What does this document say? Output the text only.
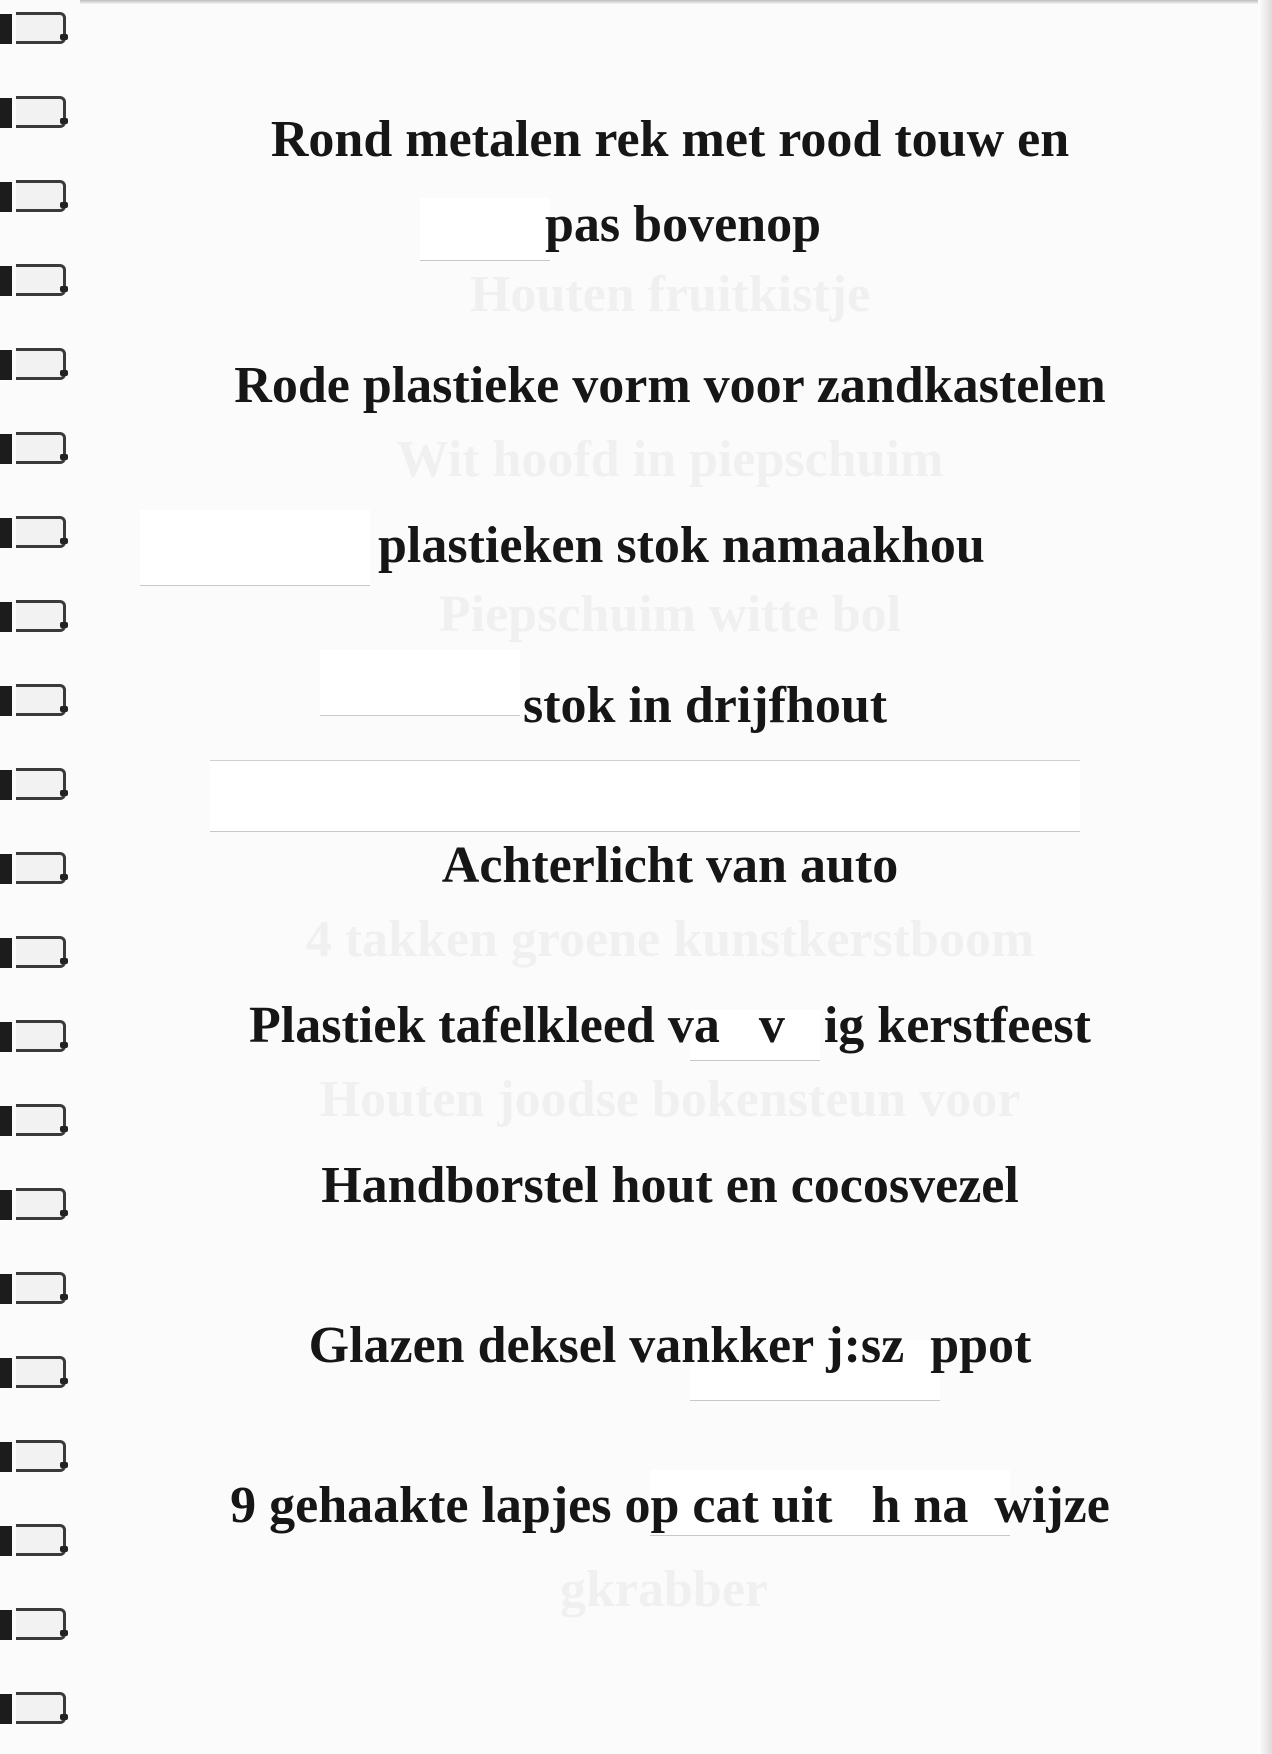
Houten fruitkistje
Wit hoofd in piepschuim
Piepschuim witte bol
4 takken groene kunstkerstboom
Houten joodse bokensteun voor
gkrabber
Rond metalen rek met rood touw en
pas bovenop
Rode plastieke vorm voor zandkastelen
plastieken stok namaakhou
stok in drijfhout
Achterlicht van auto
Plastiek tafelkleed va   v   ig kerstfeest
Handborstel hout en cocosvezel
Glazen deksel vankker j:sz  ppot
9 gehaakte lapjes op cat uit   h na  wijze
